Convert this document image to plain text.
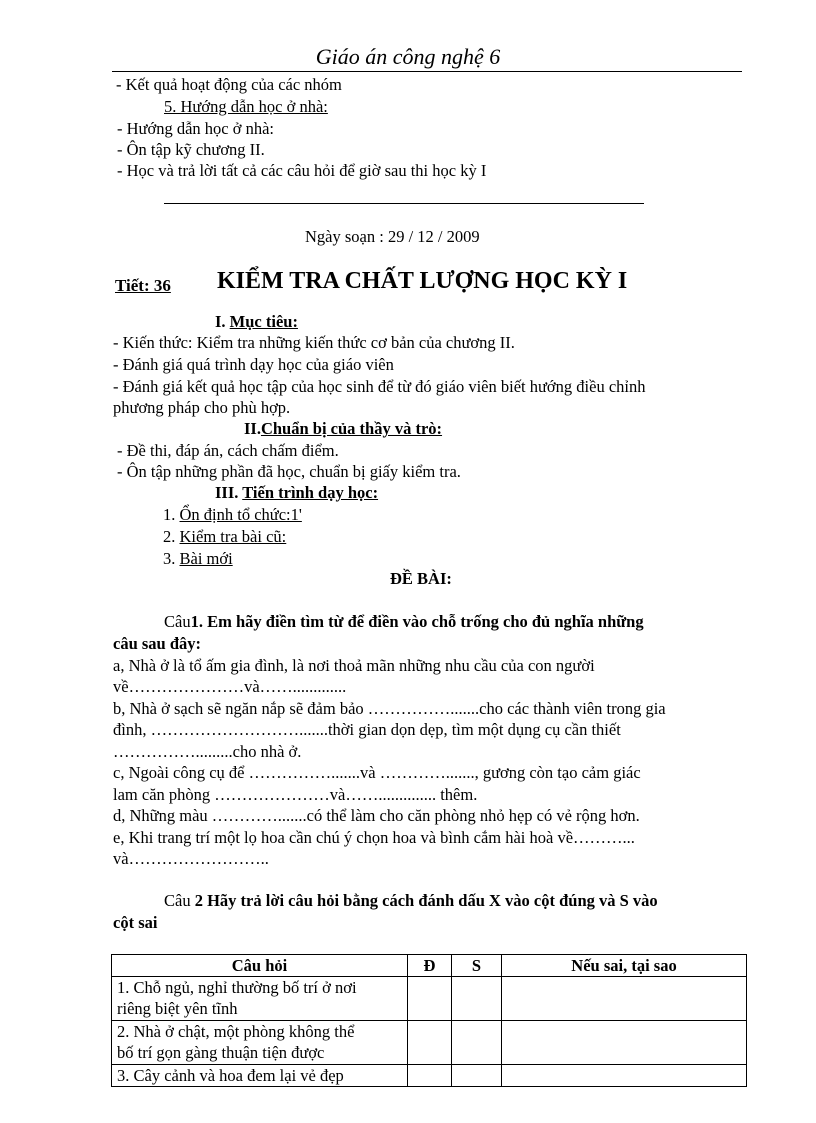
Giáo án công nghệ 6
- Kết quả hoạt động của các nhóm
5. Hướng dẫn học ở nhà:
- Hướng dẫn học ở nhà:
- Ôn tập kỹ chương II.
- Học và trả lời tất cả các câu hỏi để giờ sau thi học kỳ I
Ngày soạn : 29 / 12 / 2009
Tiết: 36 KIỂM TRA CHẤT LƯỢNG HỌC KỲ I
I. Mục tiêu:
- Kiến thức: Kiểm tra những kiến thức cơ bản của chương II.
- Đánh giá quá trình dạy học của giáo viên
- Đánh giá kết quả học tập của học sinh để từ đó giáo viên biết hướng điều chỉnh
phương pháp cho phù hợp.
II.Chuẩn bị của thầy và trò:
- Đề thi, đáp án, cách chấm điểm.
- Ôn tập những phần đã học, chuẩn bị giấy kiểm tra.
III. Tiến trình dạy học:
1. Ổn định tổ chức:1'
2. Kiểm tra bài cũ:
3. Bài mới
ĐỀ BÀI:
Câu1. Em hãy điền tìm từ để điền vào chỗ trống cho đủ nghĩa những
câu sau đây:
a, Nhà ở là tổ ấm gia đình, là nơi thoả mãn những nhu cầu của con người
về…………………và…….............
b, Nhà ở sạch sẽ ngăn nắp sẽ đảm bảo …………….......cho các thành viên trong gia
đình, ……………………….......thời gian dọn dẹp, tìm một dụng cụ cần thiết
…………….........cho nhà ở.
c, Ngoài công cụ để …………….......và …………......., gương còn tạo cảm giác
lam căn phòng …………………và…….............. thêm.
d, Những màu ………….......có thể làm cho căn phòng nhỏ hẹp có vẻ rộng hơn.
e, Khi trang trí một lọ hoa cần chú ý chọn hoa và bình cắm hài hoà về………...
và……………………..
Câu 2 Hãy trả lời câu hỏi bằng cách đánh dấu X vào cột đúng và S vào
cột sai
Câu hỏi	Đ	S	Nếu sai, tại sao

1. Chỗ ngủ, nghỉ thường bố trí ở nơi
riêng biệt yên tĩnh			

2. Nhà ở chật, một phòng không thể
bố trí gọn gàng thuận tiện được			

3. Cây cảnh và hoa đem lại vẻ đẹp			
